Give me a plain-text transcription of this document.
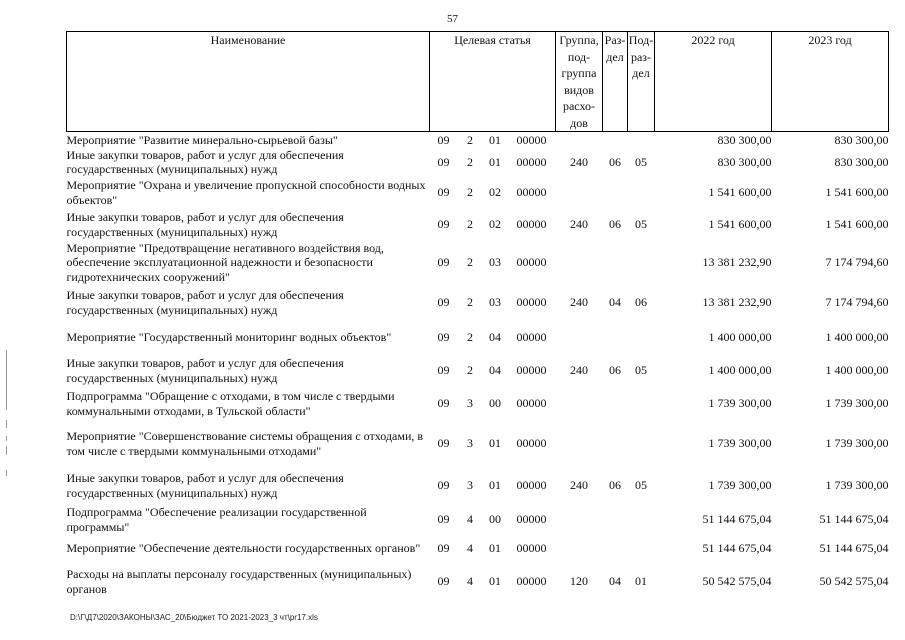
57
Наименование	Целевая статья				Группа, под- группа видов расхо- дов	Раз- дел	Под- раз- дел	2022 год	2023 год
Мероприятие "Развитие минерально-сырьевой базы"	09	2	01	00000				830 300,00	830 300,00
Иные закупки товаров, работ и услуг для обеспечения государственных (муниципальных) нужд	09	2	01	00000	240	06	05	830 300,00	830 300,00
Мероприятие "Охрана и увеличение пропускной способности водных объектов"	09	2	02	00000				1 541 600,00	1 541 600,00
Иные закупки товаров, работ и услуг для обеспечения государственных (муниципальных) нужд	09	2	02	00000	240	06	05	1 541 600,00	1 541 600,00
Мероприятие "Предотвращение негативного воздействия вод, обеспечение эксплуатационной надежности и безопасности гидротехнических сооружений"	09	2	03	00000				13 381 232,90	7 174 794,60
Иные закупки товаров, работ и услуг для обеспечения государственных (муниципальных) нужд	09	2	03	00000	240	04	06	13 381 232,90	7 174 794,60
Мероприятие "Государственный мониторинг водных объектов"	09	2	04	00000				1 400 000,00	1 400 000,00
Иные закупки товаров, работ и услуг для обеспечения государственных (муниципальных) нужд	09	2	04	00000	240	06	05	1 400 000,00	1 400 000,00
Подпрограмма "Обращение с отходами, в том числе с твердыми коммунальными отходами, в Тульской области"	09	3	00	00000				1 739 300,00	1 739 300,00
Мероприятие "Совершенствование системы обращения с отходами, в том числе с твердыми коммунальными отходами"	09	3	01	00000				1 739 300,00	1 739 300,00
Иные закупки товаров, работ и услуг для обеспечения государственных (муниципальных) нужд	09	3	01	00000	240	06	05	1 739 300,00	1 739 300,00
Подпрограмма "Обеспечение реализации государственной программы"	09	4	00	00000				51 144 675,04	51 144 675,04
Мероприятие "Обеспечение деятельности государственных органов"	09	4	01	00000				51 144 675,04	51 144 675,04
Расходы на выплаты персоналу государственных (муниципальных) органов	09	4	01	00000	120	04	01	50 542 575,04	50 542 575,04
D:\Г\Д7\2020\ЗАКОНЫ\ЗАС_20\Бюджет ТО 2021-2023_3 чт\pr17.xls
